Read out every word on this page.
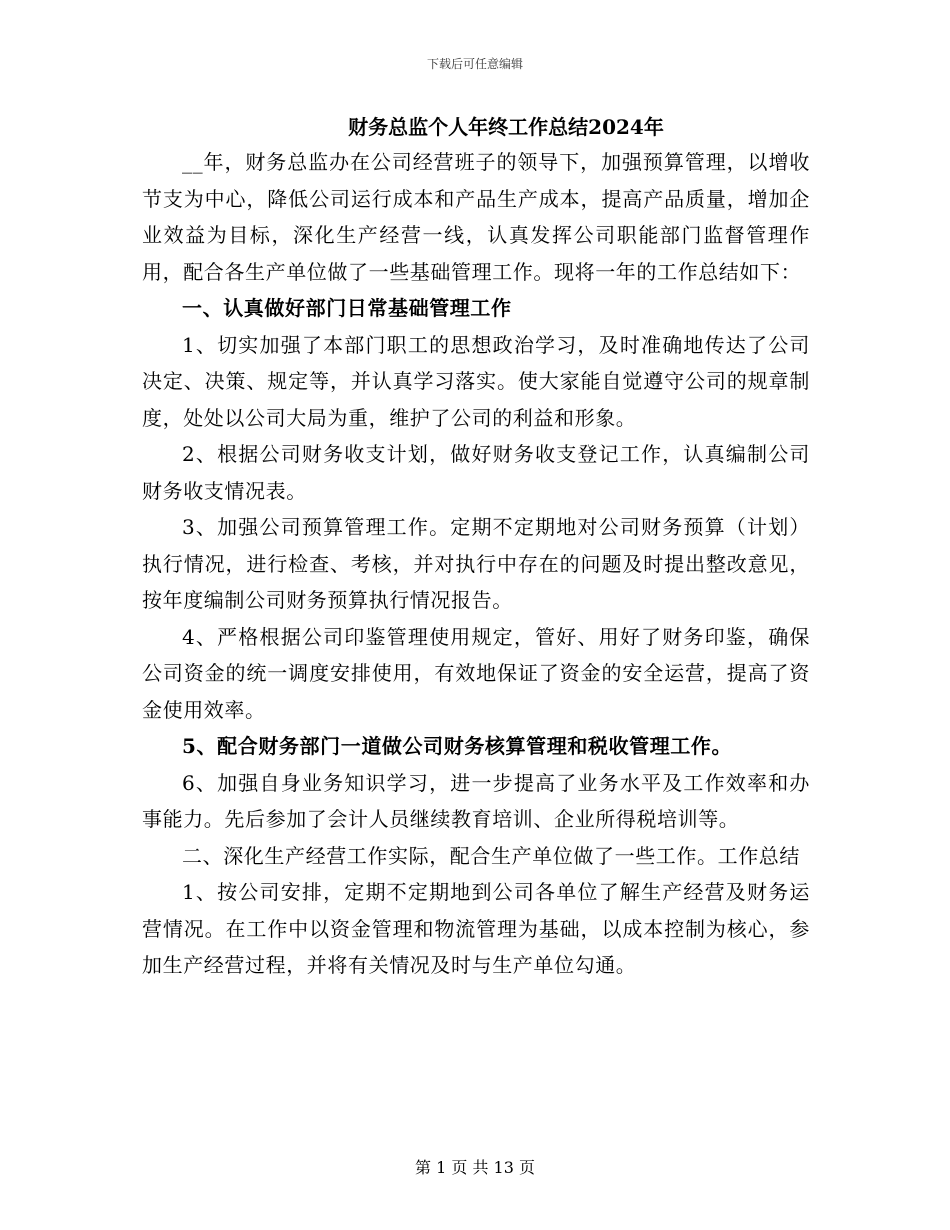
下载后可任意编辑
财务总监个人年终工作总结2024年

__年，财务总监办在公司经营班子的领导下，加强预算管理，以增收节支为中心，降低公司运行成本和产品生产成本，提高产品质量，增加企业效益为目标，深化生产经营一线，认真发挥公司职能部门监督管理作用，配合各生产单位做了一些基础管理工作。现将一年的工作总结如下：

一、认真做好部门日常基础管理工作

1、切实加强了本部门职工的思想政治学习，及时准确地传达了公司决定、决策、规定等，并认真学习落实。使大家能自觉遵守公司的规章制度，处处以公司大局为重，维护了公司的利益和形象。

2、根据公司财务收支计划，做好财务收支登记工作，认真编制公司财务收支情况表。

3、加强公司预算管理工作。定期不定期地对公司财务预算（计划）执行情况，进行检查、考核，并对执行中存在的问题及时提出整改意见，按年度编制公司财务预算执行情况报告。

4、严格根据公司印鉴管理使用规定，管好、用好了财务印鉴，确保公司资金的统一调度安排使用，有效地保证了资金的安全运营，提高了资金使用效率。

5、配合财务部门一道做公司财务核算管理和税收管理工作。

6、加强自身业务知识学习，进一步提高了业务水平及工作效率和办事能力。先后参加了会计人员继续教育培训、企业所得税培训等。

二、深化生产经营工作实际，配合生产单位做了一些工作。工作总结

1、按公司安排，定期不定期地到公司各单位了解生产经营及财务运营情况。在工作中以资金管理和物流管理为基础，以成本控制为核心，参加生产经营过程，并将有关情况及时与生产单位勾通。

第 1 页 共 13 页
